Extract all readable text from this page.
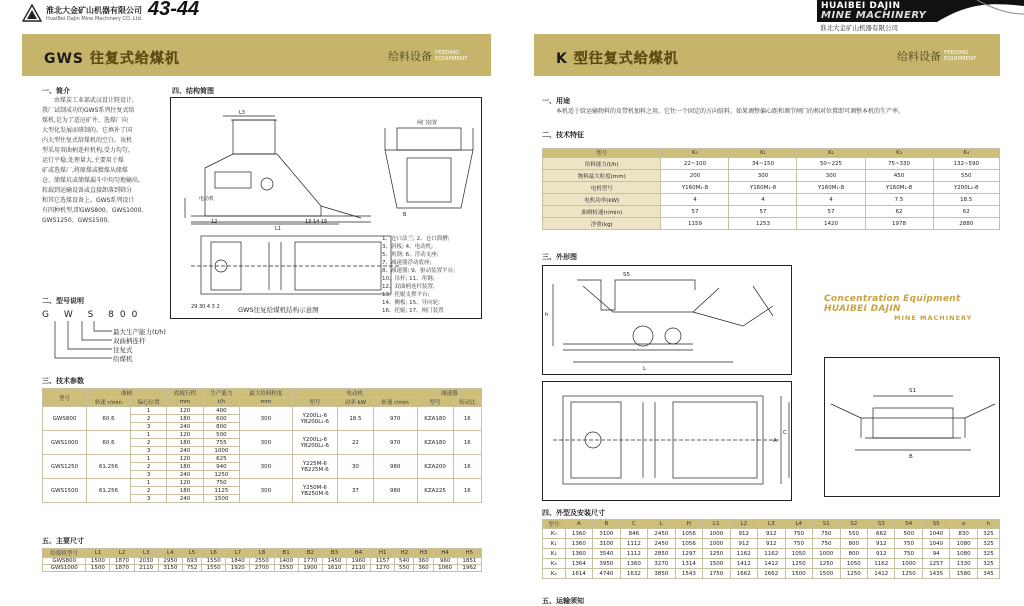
淮北大金矿山机器有限公司
HuaiBei DaJin Mine Machinery CO.,Ltd. 43-44	HUAIBEI DAJIN
MINE MACHINERY
淮北大金矿山机器有限公司
GWS 往复式给煤机	给料设备 FEEDING EQUIPMENT	K 型往复式给煤机	给料设备 FEEDING EQUIPMENT
一、简介
由煤炭工业部武汉设计院设计,
我厂试制成功的GWS系列往复式给
煤机,是为了适应矿井、选煤厂向
大型化发展而研制的。它填补了国
内大型往复式给煤机的空白。该机
型采用双曲柄连杆机构,受力均匀,
运行平稳,处理量大,主要用于煤
矿或选煤厂,将原煤或精煤从储煤
仓、储煤坑或储煤漏斗中均匀地输出,
转载到运输设备或直接卸落到筛分
和其它选煤设备上。GWS系列设计
有四种机型,即GWS800、GWS1000、
GWS1250、GWS1500。
四、结构简图
L3
L1
闸门装置
电动机
12	13 14 15
B
29 30 4 3 2
1、仓口法兰; 2、仓口溜槽;
3、斜板; 4、电动机;
5、角钢; 6、浮动支座;
7、减速器浮动底座;
8、减速器; 9、驱动装置平台;
10、吊杆; 11、角钢;
12、双曲柄连杆装置;
13、托辊支撑平台;
14、侧板; 15、导向轮;
16、托辊; 17、闸门装置
GWS往复给煤机结构示意图
二、型号说明
G W S 800
最大生产能力(t/h)
双曲柄连杆
往复式
给煤机
三、技术参数
型号	曲柄		底板行程	生产能力	最大给料粒度	电动机			减速器	
	转速 r/min	偏心位置	mm	t/h	mm	型号	功率 kW	转速 r/min	型号	传动比
GWS800	60.6	1	120	400	300	Y200L₁-6
YB200L₁-6	18.5	970	KZA180	16
		2	180	600						
		3	240	800						
GWS1000	60.6	1	120	500	300	Y200L₂-6
YB200L₂-6	22	970	KZA180	16
		2	180	755						
		3	240	1000						
GWS1250	61.256	1	120	625	300	Y225M-6
YB225M-6	30	980	KZA200	16
		2	180	940						
		3	240	1250						
GWS1500	61.256	1	120	750	300	Y250M-6
YB250M-6	37	980	KZA225	16
		2	180	1125						
		3	240	1500						
五、主要尺寸
给煤机型号	L1	L2	L3	L4	L5	L6	L7	L8	B1	B2	B3	B4	H1	H2	H3	H4	H5
GWS800	1500	1870	2030	2950	693	1550	1840	2550	1400	1770	1450	1960	1157	540	360	960	1851
GWS1000	1500	1870	2110	3150	752	1550	1920	2700	1550	1900	1610	2110	1270	550	360	1060	1962
一、用途
本机适于给运输物料的皮带机加料之用。它往一个固定的方向给料。如果调整偏心距和调节闸门的相对位置即可调整本机的生产率。
二、技术特征
型号	K₀	K₁	K₂	K₃	K₄
给料能力(t/h)	22~100	34~150	50~225	75~330	132~590
物料最大粒度(mm)	200	300	300	450	550
电机型号	Y160M₁-8	Y160M₁-8	Y160M₁-8	Y160M₁-8	Y200L₁-8
电机功率(kW)	4	4	4	7.5	18.5
曲柄转速(r/min)	57	57	57	62	62
净重(kg)	1159	1253	1420	1978	2880
三、外形图
S5
L
h
A
C
Concentration Equipment HUAIBEI DAJIN
MINE MACHINERY
S1
B
四、外型及安装尺寸
型号	A	B	C	L	H	L1	L2	L3	L4	S1	S2	S3	S4	S5	e	h
K₀	1360	3100	846	2450	1056	1000	912	912	750	750	550	662	500	1040	830	325
K₁	1360	3100	1112	2450	1056	1000	912	912	750	750	800	912	750	1040	1080	325
K₂	1360	3540	1112	2850	1297	1250	1162	1162	1050	1000	800	912	750	94	1080	325
K₃	1364	3950	1360	3270	1314	1500	1412	1412	1250	1250	1050	1162	1000	1257	1330	325
K₄	1614	4740	1632	3850	1543	1750	1662	1662	1500	1500	1250	1412	1250	1435	1580	345
五、运输须知
